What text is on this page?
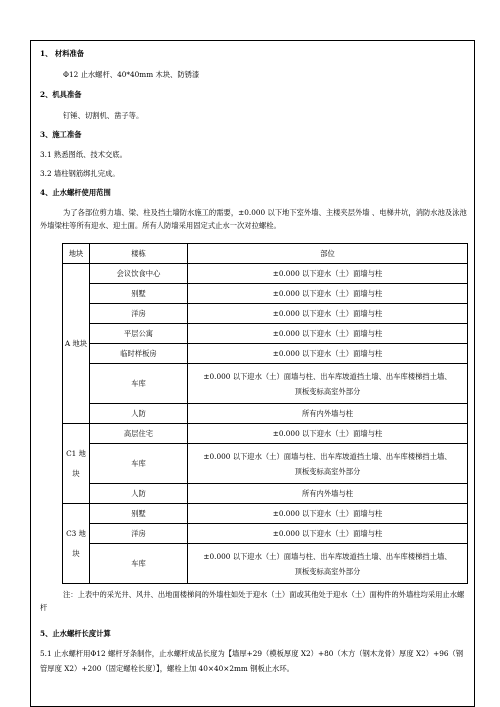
1、 材料准备
Φ12 止水螺杆、40*40mm 木块、防锈漆
2、机具准备
钉锤、切割机、凿子等。
3、施工准备
3.1 熟悉图纸、技术交底。
3.2 墙柱钢筋绑扎完成。
4、止水螺杆使用范围
为了各部位剪力墙、梁、柱及挡土墙防水施工的需要，±0.000 以下地下室外墙、主楼夹层外墙 、电梯井坑，消防水池及泳池外墙梁柱等所有迎水、迎土面。所有人防墙采用固定式止水一次对拉螺栓。
地块	楼栋	部位
A 地块	会议饮食中心	±0.000 以下迎水（土）面墙与柱
	别墅	±0.000 以下迎水（土）面墙与柱
	洋房	±0.000 以下迎水（土）面墙与柱
	平层公寓	±0.000 以下迎水（土）面墙与柱
	临时样板房	±0.000 以下迎水（土）面墙与柱
	车库	±0.000 以下迎水（土）面墙与柱、出车库坡道挡土墙、出车库楼梯挡土墙、
顶板变标高室外部分

	人防	所有内外墙与柱
C1 地块	高层住宅	±0.000 以下迎水（土）面墙与柱
	车库	±0.000 以下迎水（土）面墙与柱、出车库坡道挡土墙、出车库楼梯挡土墙、
顶板变标高室外部分

	人防	所有内外墙与柱
C3 地块	别墅	±0.000 以下迎水（土）面墙与柱
	洋房	±0.000 以下迎水（土）面墙与柱
	车库	±0.000 以下迎水（土）面墙与柱、出车库坡道挡土墙、出车库楼梯挡土墙、
顶板变标高室外部分
注：上表中的采光井、风井、出地面楼梯间的外墙柱如处于迎水（土）面或其他处于迎水（土）面构件的外墙柱均采用止水螺杆
5、止水螺杆长度计算
5.1 止水螺杆用Φ12 螺杆牙条制作，止水螺杆成品长度为【墙厚+29（模板厚度 X2）+80（木方（钢木龙骨）厚度 X2）+96（钢管厚度 X2）+200（固定螺栓长度）】，螺栓上加 40×40×2mm 钢板止水环。
